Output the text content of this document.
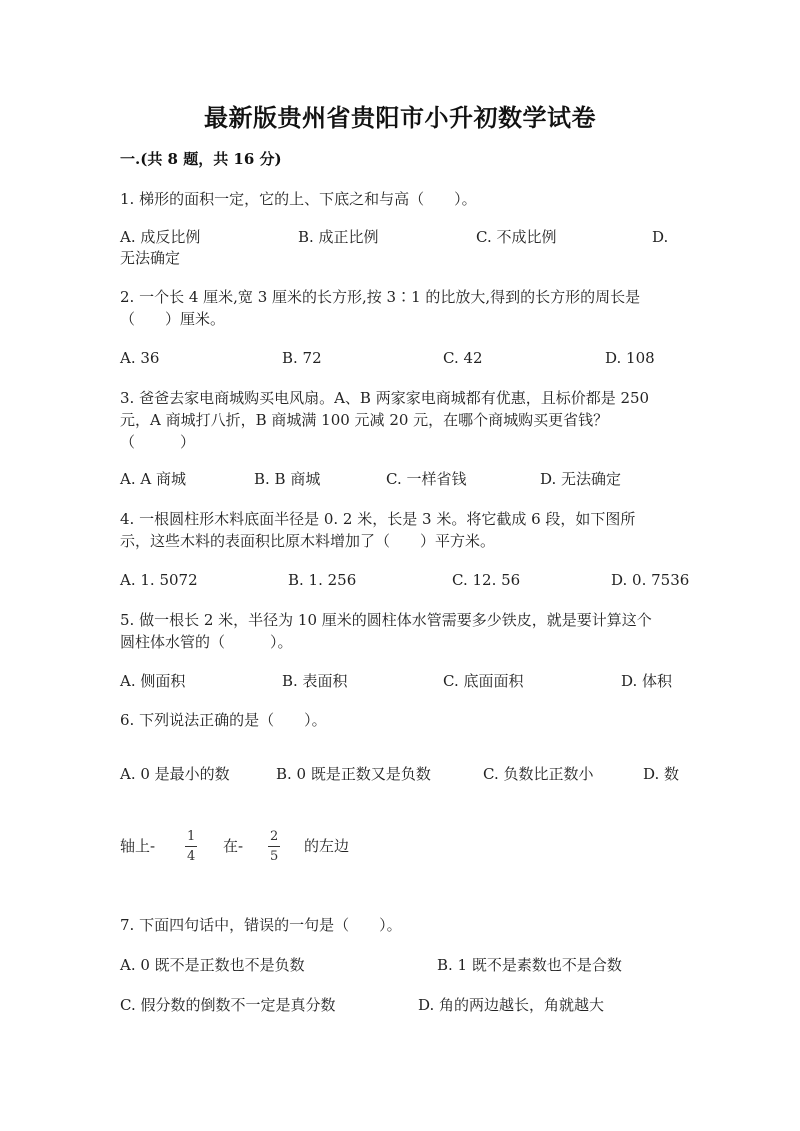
最新版贵州省贵阳市小升初数学试卷
一.(共 8 题，共 16 分)
1. 梯形的面积一定，它的上、下底之和与高（　　）。
A. 成反比例	B. 成正比例	C. 不成比例	D.
无法确定
2. 一个长 4 厘米,宽 3 厘米的长方形,按 3∶1 的比放大,得到的长方形的周长是
（　　）厘米。
A. 36	B. 72	C. 42	D. 108
3. 爸爸去家电商城购买电风扇。A、B 两家家电商城都有优惠，且标价都是 250
元，A 商城打八折，B 商城满 100 元减 20 元，在哪个商城购买更省钱？
（　　　）
A. A 商城	B. B 商城	C. 一样省钱	D. 无法确定
4. 一根圆柱形木料底面半径是 0. 2 米，长是 3 米。将它截成 6 段，如下图所
示，这些木料的表面积比原木料增加了（　　）平方米。
A. 1. 5072	B. 1. 256	C. 12. 56	D. 0. 7536
5. 做一根长 2 米，半径为 10 厘米的圆柱体水管需要多少铁皮，就是要计算这个
圆柱体水管的（　　　）。
A. 侧面积	B. 表面积	C. 底面面积	D. 体积
6. 下列说法正确的是（　　）。
A. 0 是最小的数	B. 0 既是正数又是负数	C. 负数比正数小	D. 数
轴上-
1
4
在-
2
5
的左边
7. 下面四句话中，错误的一句是（　　）。
A. 0 既不是正数也不是负数	B. 1 既不是素数也不是合数
C. 假分数的倒数不一定是真分数	D. 角的两边越长，角就越大
